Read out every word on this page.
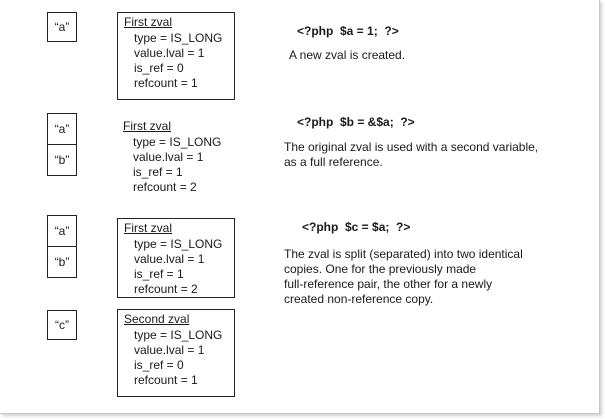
“a”	First zval
type = IS_LONG
value.lval = 1
is_ref = 0
refcount = 1
<?php  $a = 1;  ?>
A new zval is created.
“a”
“b”
First zval
type = IS_LONG
value.lval = 1
is_ref = 1
refcount = 2
<?php  $b = &$a;  ?>
The original zval is used with a second variable,
as a full reference.
“a”
“b”
First zval
type = IS_LONG
value.lval = 1
is_ref = 1
refcount = 2
“c”	Second zval
type = IS_LONG
value.lval = 1
is_ref = 0
refcount = 1
<?php  $c = $a;  ?>
The zval is split (separated) into two identical
copies. One for the previously made
full-reference pair, the other for a newly
created non-reference copy.
